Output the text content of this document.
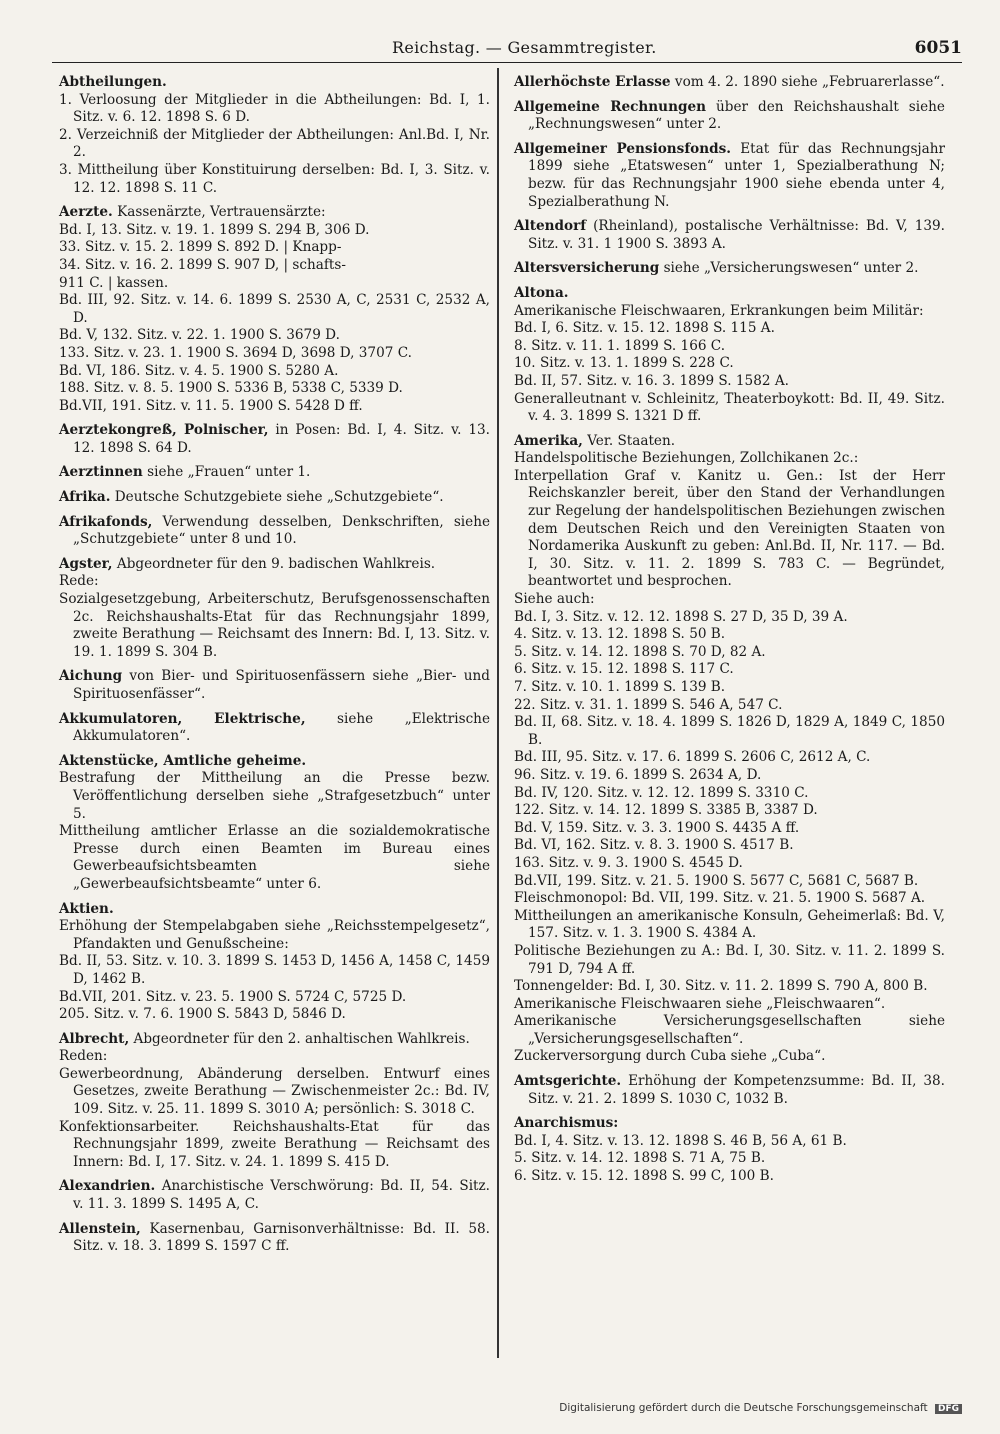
Reichstag. — Gesammtregister.	6051
Abtheilungen.
1. Verloosung der Mitglieder in die Abtheilungen: Bd. I, 1. Sitz. v. 6. 12. 1898 S. 6 D.
2. Verzeichniß der Mitglieder der Abtheilungen: Anl.Bd. I, Nr. 2.
3. Mittheilung über Konstituirung derselben: Bd. I, 3. Sitz. v. 12. 12. 1898 S. 11 C.
Aerzte. Kassenärzte, Vertrauensärzte:
Bd. I, 13. Sitz. v. 19. 1. 1899 S. 294 B, 306 D.
33. Sitz. v. 15. 2. 1899 S. 892 D. | Knapp-
34. Sitz. v. 16. 2. 1899 S. 907 D, | schafts-
911 C. | kassen.
Bd. III, 92. Sitz. v. 14. 6. 1899 S. 2530 A, C, 2531 C, 2532 A, D.
Bd. V, 132. Sitz. v. 22. 1. 1900 S. 3679 D.
133. Sitz. v. 23. 1. 1900 S. 3694 D, 3698 D, 3707 C.
Bd. VI, 186. Sitz. v. 4. 5. 1900 S. 5280 A.
188. Sitz. v. 8. 5. 1900 S. 5336 B, 5338 C, 5339 D.
Bd.VII, 191. Sitz. v. 11. 5. 1900 S. 5428 D ff.
Aerztekongreß, Polnischer, in Posen: Bd. I, 4. Sitz. v. 13. 12. 1898 S. 64 D.
Aerztinnen siehe „Frauen“ unter 1.
Afrika. Deutsche Schutzgebiete siehe „Schutzgebiete“.
Afrikafonds, Verwendung desselben, Denkschriften, siehe „Schutzgebiete“ unter 8 und 10.
Agster, Abgeordneter für den 9. badischen Wahlkreis.
Rede:
Sozialgesetzgebung, Arbeiterschutz, Berufsgenossenschaften 2c. Reichshaushalts-Etat für das Rechnungsjahr 1899, zweite Berathung — Reichsamt des Innern: Bd. I, 13. Sitz. v. 19. 1. 1899 S. 304 B.
Aichung von Bier- und Spirituosenfässern siehe „Bier- und Spirituosenfässer“.
Akkumulatoren, Elektrische, siehe „Elektrische Akkumulatoren“.
Aktenstücke, Amtliche geheime.
Bestrafung der Mittheilung an die Presse bezw. Veröffentlichung derselben siehe „Strafgesetzbuch“ unter 5.
Mittheilung amtlicher Erlasse an die sozialdemokratische Presse durch einen Beamten im Bureau eines Gewerbeaufsichtsbeamten siehe „Gewerbeaufsichtsbeamte“ unter 6.
Aktien.
Erhöhung der Stempelabgaben siehe „Reichsstempelgesetz“, Pfandakten und Genußscheine:
Bd. II, 53. Sitz. v. 10. 3. 1899 S. 1453 D, 1456 A, 1458 C, 1459 D, 1462 B.
Bd.VII, 201. Sitz. v. 23. 5. 1900 S. 5724 C, 5725 D.
205. Sitz. v. 7. 6. 1900 S. 5843 D, 5846 D.
Albrecht, Abgeordneter für den 2. anhaltischen Wahlkreis.
Reden:
Gewerbeordnung, Abänderung derselben. Entwurf eines Gesetzes, zweite Berathung — Zwischenmeister 2c.: Bd. IV, 109. Sitz. v. 25. 11. 1899 S. 3010 A; persönlich: S. 3018 C.
Konfektionsarbeiter. Reichshaushalts-Etat für das Rechnungsjahr 1899, zweite Berathung — Reichsamt des Innern: Bd. I, 17. Sitz. v. 24. 1. 1899 S. 415 D.
Alexandrien. Anarchistische Verschwörung: Bd. II, 54. Sitz. v. 11. 3. 1899 S. 1495 A, C.
Allenstein, Kasernenbau, Garnisonverhältnisse: Bd. II. 58. Sitz. v. 18. 3. 1899 S. 1597 C ff.
Allerhöchste Erlasse vom 4. 2. 1890 siehe „Februarerlasse“.
Allgemeine Rechnungen über den Reichshaushalt siehe „Rechnungswesen“ unter 2.
Allgemeiner Pensionsfonds. Etat für das Rechnungsjahr 1899 siehe „Etatswesen“ unter 1, Spezialberathung N; bezw. für das Rechnungsjahr 1900 siehe ebenda unter 4, Spezialberathung N.
Altendorf (Rheinland), postalische Verhältnisse: Bd. V, 139. Sitz. v. 31. 1 1900 S. 3893 A.
Altersversicherung siehe „Versicherungswesen“ unter 2.
Altona.
Amerikanische Fleischwaaren, Erkrankungen beim Militär:
Bd. I, 6. Sitz. v. 15. 12. 1898 S. 115 A.
8. Sitz. v. 11. 1. 1899 S. 166 C.
10. Sitz. v. 13. 1. 1899 S. 228 C.
Bd. II, 57. Sitz. v. 16. 3. 1899 S. 1582 A.
Generalleutnant v. Schleinitz, Theaterboykott: Bd. II, 49. Sitz. v. 4. 3. 1899 S. 1321 D ff.
Amerika, Ver. Staaten.
Handelspolitische Beziehungen, Zollchikanen 2c.:
Interpellation Graf v. Kanitz u. Gen.: Ist der Herr Reichskanzler bereit, über den Stand der Verhandlungen zur Regelung der handelspolitischen Beziehungen zwischen dem Deutschen Reich und den Vereinigten Staaten von Nordamerika Auskunft zu geben: Anl.Bd. II, Nr. 117. — Bd. I, 30. Sitz. v. 11. 2. 1899 S. 783 C. — Begründet, beantwortet und besprochen.
Siehe auch:
Bd. I, 3. Sitz. v. 12. 12. 1898 S. 27 D, 35 D, 39 A.
4. Sitz. v. 13. 12. 1898 S. 50 B.
5. Sitz. v. 14. 12. 1898 S. 70 D, 82 A.
6. Sitz. v. 15. 12. 1898 S. 117 C.
7. Sitz. v. 10. 1. 1899 S. 139 B.
22. Sitz. v. 31. 1. 1899 S. 546 A, 547 C.
Bd. II, 68. Sitz. v. 18. 4. 1899 S. 1826 D, 1829 A, 1849 C, 1850 B.
Bd. III, 95. Sitz. v. 17. 6. 1899 S. 2606 C, 2612 A, C.
96. Sitz. v. 19. 6. 1899 S. 2634 A, D.
Bd. IV, 120. Sitz. v. 12. 12. 1899 S. 3310 C.
122. Sitz. v. 14. 12. 1899 S. 3385 B, 3387 D.
Bd. V, 159. Sitz. v. 3. 3. 1900 S. 4435 A ff.
Bd. VI, 162. Sitz. v. 8. 3. 1900 S. 4517 B.
163. Sitz. v. 9. 3. 1900 S. 4545 D.
Bd.VII, 199. Sitz. v. 21. 5. 1900 S. 5677 C, 5681 C, 5687 B.
Fleischmonopol: Bd. VII, 199. Sitz. v. 21. 5. 1900 S. 5687 A.
Mittheilungen an amerikanische Konsuln, Geheimerlaß: Bd. V, 157. Sitz. v. 1. 3. 1900 S. 4384 A.
Politische Beziehungen zu A.: Bd. I, 30. Sitz. v. 11. 2. 1899 S. 791 D, 794 A ff.
Tonnengelder: Bd. I, 30. Sitz. v. 11. 2. 1899 S. 790 A, 800 B.
Amerikanische Fleischwaaren siehe „Fleischwaaren“.
Amerikanische Versicherungsgesellschaften siehe „Versicherungsgesellschaften“.
Zuckerversorgung durch Cuba siehe „Cuba“.
Amtsgerichte. Erhöhung der Kompetenzsumme: Bd. II, 38. Sitz. v. 21. 2. 1899 S. 1030 C, 1032 B.
Anarchismus:
Bd. I, 4. Sitz. v. 13. 12. 1898 S. 46 B, 56 A, 61 B.
5. Sitz. v. 14. 12. 1898 S. 71 A, 75 B.
6. Sitz. v. 15. 12. 1898 S. 99 C, 100 B.
Digitalisierung gefördert durch die Deutsche Forschungsgemeinschaft DFG
